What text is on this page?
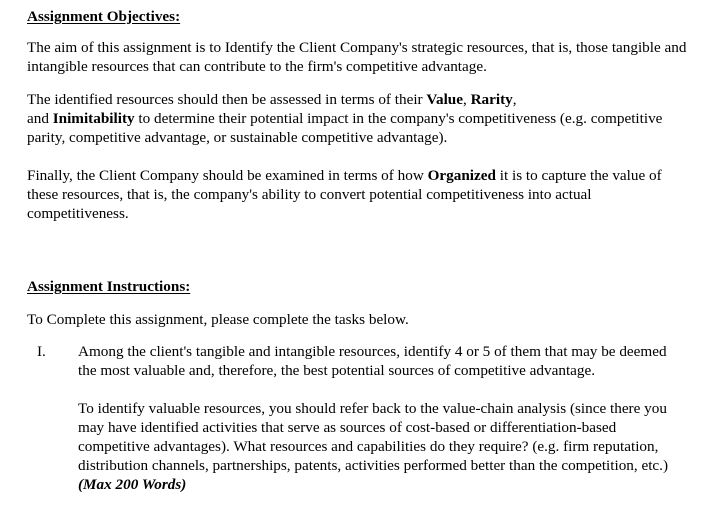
Assignment Objectives:

The aim of this assignment is to Identify the Client Company's strategic resources, that is, those tangible and intangible resources that can contribute to the firm's competitive advantage.

The identified resources should then be assessed in terms of their Value, Rarity,
and Inimitability to determine their potential impact in the company's competitiveness (e.g. competitive parity, competitive advantage, or sustainable competitive advantage).

Finally, the Client Company should be examined in terms of how Organized it is to capture the value of these resources, that is, the company's ability to convert potential competitiveness into actual competitiveness.

Assignment Instructions:

To Complete this assignment, please complete the tasks below.

I. Among the client's tangible and intangible resources, identify 4 or 5 of them that may be deemed the most valuable and, therefore, the best potential sources of competitive advantage.

To identify valuable resources, you should refer back to the value-chain analysis (since there you may have identified activities that serve as sources of cost-based or differentiation-based competitive advantages). What resources and capabilities do they require? (e.g. firm reputation, distribution channels, partnerships, patents, activities performed better than the competition, etc.) (Max 200 Words)
